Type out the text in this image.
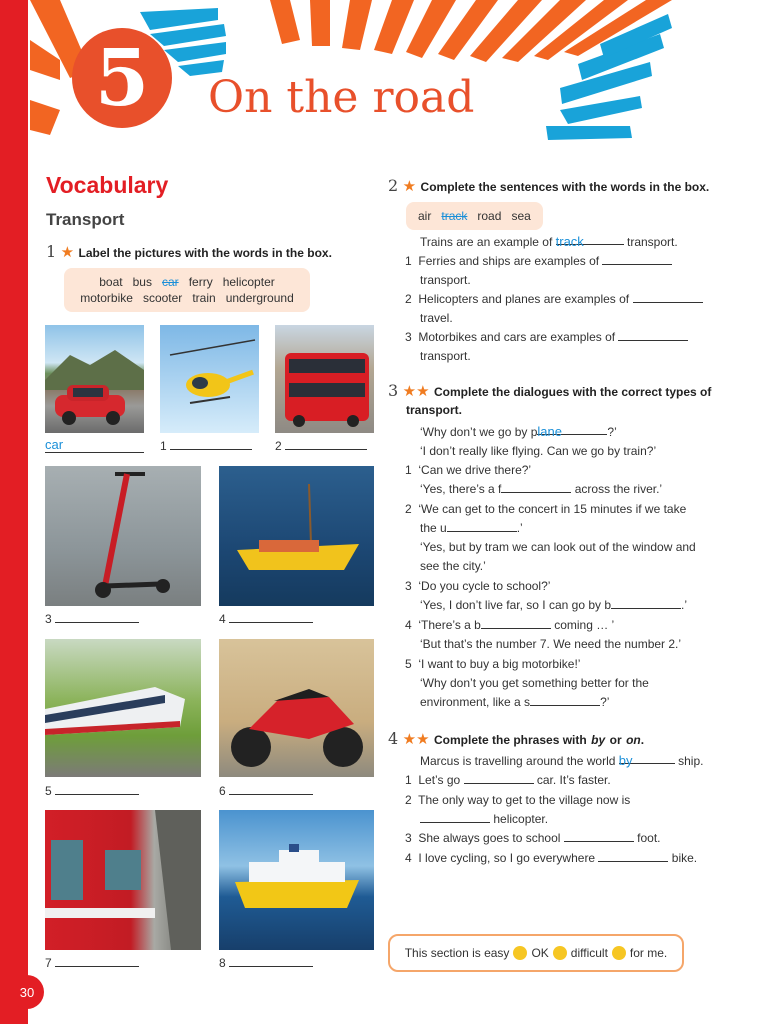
5	On the road
Vocabulary
Transport
1 ★ Label the pictures with the words in the box.
boat bus car ferry helicopter
motorbike scooter train underground
car	1	2
3	4
5	6
7	8
2 ★ Complete the sentences with the words in the box.
air track road sea
Trains are an example of track	transport.
1 Ferries and ships are examples of
transport.
2 Helicopters and planes are examples of
travel.
3 Motorbikes and cars are examples of
transport.
3 ★★ Complete the dialogues with the correct types of
transport.
‘Why don’t we go by plane	?’
‘I don’t really like flying. Can we go by train?’
1 ‘Can we drive there?’
‘Yes, there’s a f	across the river.’
2 ‘We can get to the concert in 15 minutes if we take
the u	.’
‘Yes, but by tram we can look out of the window and
see the city.’
3 ‘Do you cycle to school?’
‘Yes, I don’t live far, so I can go by b	.’
4 ‘There’s a b	coming … ’
‘But that’s the number 7. We need the number 2.’
5 ‘I want to buy a big motorbike!’
‘Why don’t you get something better for the
environment, like a s	?’
4 ★★ Complete the phrases with by or on.
Marcus is travelling around the world by	ship.
1 Let’s go	car. It’s faster.
2 The only way to get to the village now is
helicopter.
3 She always goes to school	foot.
4 I love cycling, so I go everywhere	bike.
This section is easy OK difficult for me.
30
